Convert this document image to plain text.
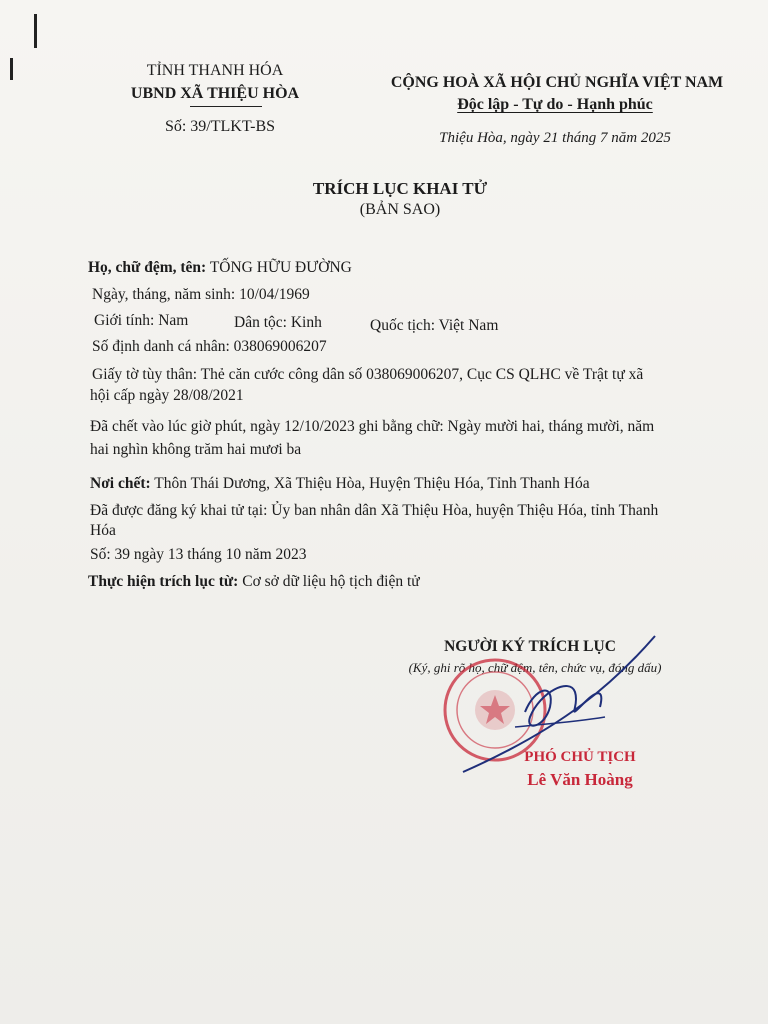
TỈNH THANH HÓA
UBND XÃ THIỆU HÒA
Số: 39/TLKT-BS
CỘNG HOÀ XÃ HỘI CHỦ NGHĨA VIỆT NAM
Độc lập - Tự do - Hạnh phúc
Thiệu Hòa, ngày 21 tháng 7 năm 2025
TRÍCH LỤC KHAI TỬ
(BẢN SAO)
Họ, chữ đệm, tên: TỐNG HỮU ĐƯỜNG
Ngày, tháng, năm sinh: 10/04/1969
Giới tính: Nam	Dân tộc: Kinh	Quốc tịch: Việt Nam
Số định danh cá nhân: 038069006207
Giấy tờ tùy thân: Thẻ căn cước công dân số 038069006207, Cục CS QLHC về Trật tự xã
hội cấp ngày 28/08/2021
Đã chết vào lúc giờ phút, ngày 12/10/2023 ghi bằng chữ: Ngày mười hai, tháng mười, năm
hai nghìn không trăm hai mươi ba
Nơi chết: Thôn Thái Dương, Xã Thiệu Hòa, Huyện Thiệu Hóa, Tỉnh Thanh Hóa
Đã được đăng ký khai tử tại: Ủy ban nhân dân Xã Thiệu Hòa, huyện Thiệu Hóa, tỉnh Thanh
Hóa
Số: 39 ngày 13 tháng 10 năm 2023
Thực hiện trích lục từ: Cơ sở dữ liệu hộ tịch điện tử
NGƯỜI KÝ TRÍCH LỤC
(Ký, ghi rõ họ, chữ đệm, tên, chức vụ, đóng dấu)
PHÓ CHỦ TỊCH
Lê Văn Hoàng
